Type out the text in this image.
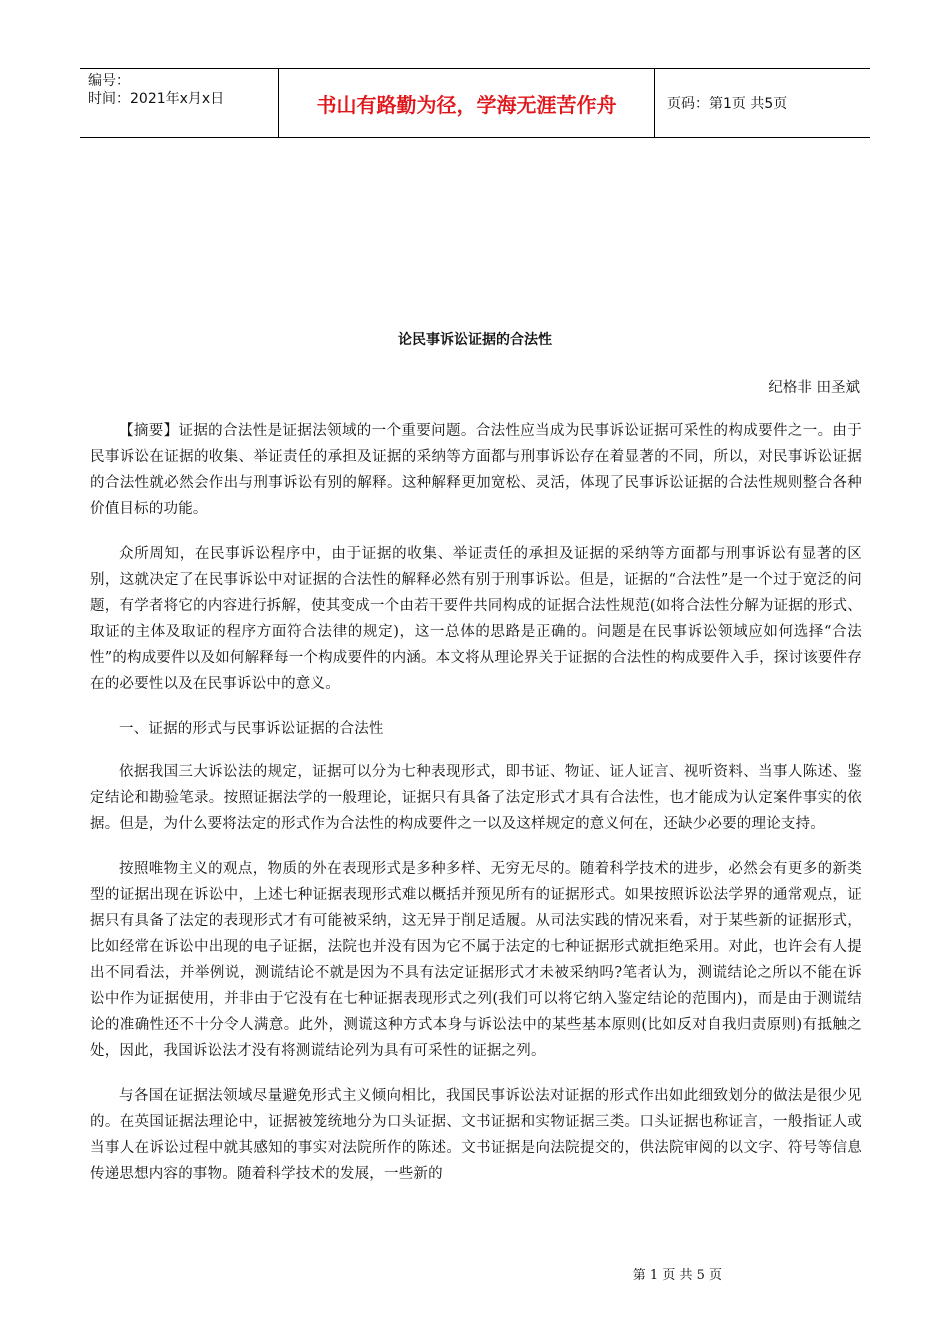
编号：
时间：2021年x月x日	书山有路勤为径，学海无涯苦作舟	页码：第1页 共5页
论民事诉讼证据的合法性
纪格非 田圣斌

【摘要】证据的合法性是证据法领域的一个重要问题。合法性应当成为民事诉讼证据可采性的构成要件之一。由于民事诉讼在证据的收集、举证责任的承担及证据的采纳等方面都与刑事诉讼存在着显著的不同，所以，对民事诉讼证据的合法性就必然会作出与刑事诉讼有别的解释。这种解释更加宽松、灵活，体现了民事诉讼证据的合法性规则整合各种价值目标的功能。

众所周知，在民事诉讼程序中，由于证据的收集、举证责任的承担及证据的采纳等方面都与刑事诉讼有显著的区别，这就决定了在民事诉讼中对证据的合法性的解释必然有别于刑事诉讼。但是，证据的“合法性”是一个过于宽泛的问题，有学者将它的内容进行拆解，使其变成一个由若干要件共同构成的证据合法性规范(如将合法性分解为证据的形式、取证的主体及取证的程序方面符合法律的规定)，这一总体的思路是正确的。问题是在民事诉讼领域应如何选择“合法性”的构成要件以及如何解释每一个构成要件的内涵。本文将从理论界关于证据的合法性的构成要件入手，探讨该要件存在的必要性以及在民事诉讼中的意义。

一、证据的形式与民事诉讼证据的合法性

依据我国三大诉讼法的规定，证据可以分为七种表现形式，即书证、物证、证人证言、视听资料、当事人陈述、鉴定结论和勘验笔录。按照证据法学的一般理论，证据只有具备了法定形式才具有合法性，也才能成为认定案件事实的依据。但是，为什么要将法定的形式作为合法性的构成要件之一以及这样规定的意义何在，还缺少必要的理论支持。

按照唯物主义的观点，物质的外在表现形式是多种多样、无穷无尽的。随着科学技术的进步，必然会有更多的新类型的证据出现在诉讼中，上述七种证据表现形式难以概括并预见所有的证据形式。如果按照诉讼法学界的通常观点，证据只有具备了法定的表现形式才有可能被采纳，这无异于削足适履。从司法实践的情况来看，对于某些新的证据形式，比如经常在诉讼中出现的电子证据，法院也并没有因为它不属于法定的七种证据形式就拒绝采用。对此，也许会有人提出不同看法，并举例说，测谎结论不就是因为不具有法定证据形式才未被采纳吗?笔者认为，测谎结论之所以不能在诉讼中作为证据使用，并非由于它没有在七种证据表现形式之列(我们可以将它纳入鉴定结论的范围内)，而是由于测谎结论的准确性还不十分令人满意。此外，测谎这种方式本身与诉讼法中的某些基本原则(比如反对自我归责原则)有抵触之处，因此，我国诉讼法才没有将测谎结论列为具有可采性的证据之列。

与各国在证据法领域尽量避免形式主义倾向相比，我国民事诉讼法对证据的形式作出如此细致划分的做法是很少见的。在英国证据法理论中，证据被笼统地分为口头证据、文书证据和实物证据三类。口头证据也称证言，一般指证人或当事人在诉讼过程中就其感知的事实对法院所作的陈述。文书证据是向法院提交的，供法院审阅的以文字、符号等信息传递思想内容的事物。随着科学技术的发展，一些新的

第 1 页 共 5 页
